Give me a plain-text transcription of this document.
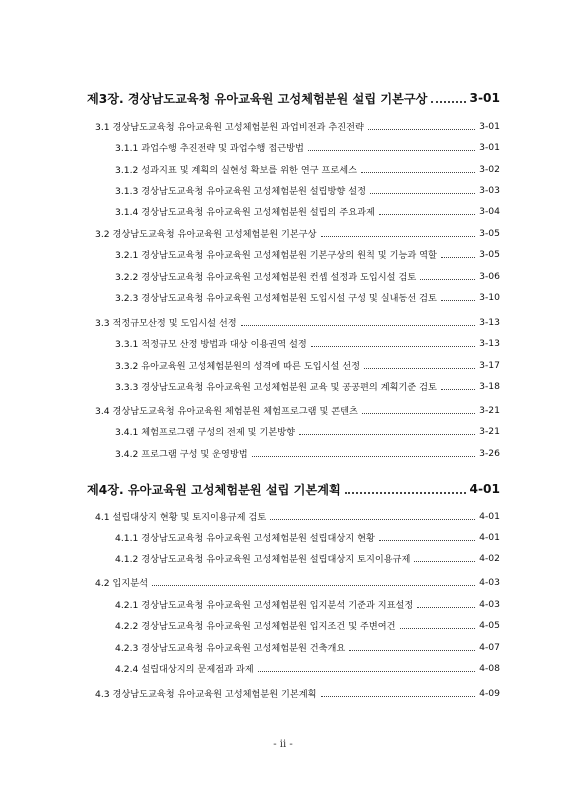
제3장. 경상남도교육청 유아교육원 고성체험분원 설립 기본구상	3-01
3.1 경상남도교육청 유아교육원 고성체험분원 과업비전과 추진전략	3-01
3.1.1 과업수행 추진전략 및 과업수행 접근방법	3-01
3.1.2 성과지표 및 계획의 실현성 확보를 위한 연구 프로세스	3-02
3.1.3 경상남도교육청 유아교육원 고성체험분원 설립방향 설정	3-03
3.1.4 경상남도교육청 유아교육원 고성체험분원 설립의 주요과제	3-04
3.2 경상남도교육청 유아교육원 고성체험분원 기본구상	3-05
3.2.1 경상남도교육청 유아교육원 고성체험분원 기본구상의 원칙 및 기능과 역할	3-05
3.2.2 경상남도교육청 유아교육원 고성체험분원 컨셉 설정과 도입시설 검토	3-06
3.2.3 경상남도교육청 유아교육원 고성체험분원 도입시설 구성 및 실내동선 검토	3-10
3.3 적정규모산정 및 도입시설 선정	3-13
3.3.1 적정규모 산정 방법과 대상 이용권역 설정	3-13
3.3.2 유아교육원 고성체험분원의 성격에 따른 도입시설 선정	3-17
3.3.3 경상남도교육청 유아교육원 고성체험분원 교육 및 공공편의 계획기준 검토	3-18
3.4 경상남도교육청 유아교육원 체험분원 체험프로그램 및 콘텐츠	3-21
3.4.1 체험프로그램 구성의 전제 및 기본방향	3-21
3.4.2 프로그램 구성 및 운영방법	3-26
제4장. 유아교육원 고성체험분원 설립 기본계획	4-01
4.1 설립대상지 현황 및 토지이용규제 검토	4-01
4.1.1 경상남도교육청 유아교육원 고성체험분원 설립대상지 현황	4-01
4.1.2 경상남도교육청 유아교육원 고성체험분원 설립대상지 토지이용규제	4-02
4.2 입지분석	4-03
4.2.1 경상남도교육청 유아교육원 고성체험분원 입지분석 기준과 지표설정	4-03
4.2.2 경상남도교육청 유아교육원 고성체험분원 입지조건 및 주변여건	4-05
4.2.3 경상남도교육청 유아교육원 고성체험분원 건축개요	4-07
4.2.4 설립대상지의 문제점과 과제	4-08
4.3 경상남도교육청 유아교육원 고성체험분원 기본계획	4-09
- ii -
